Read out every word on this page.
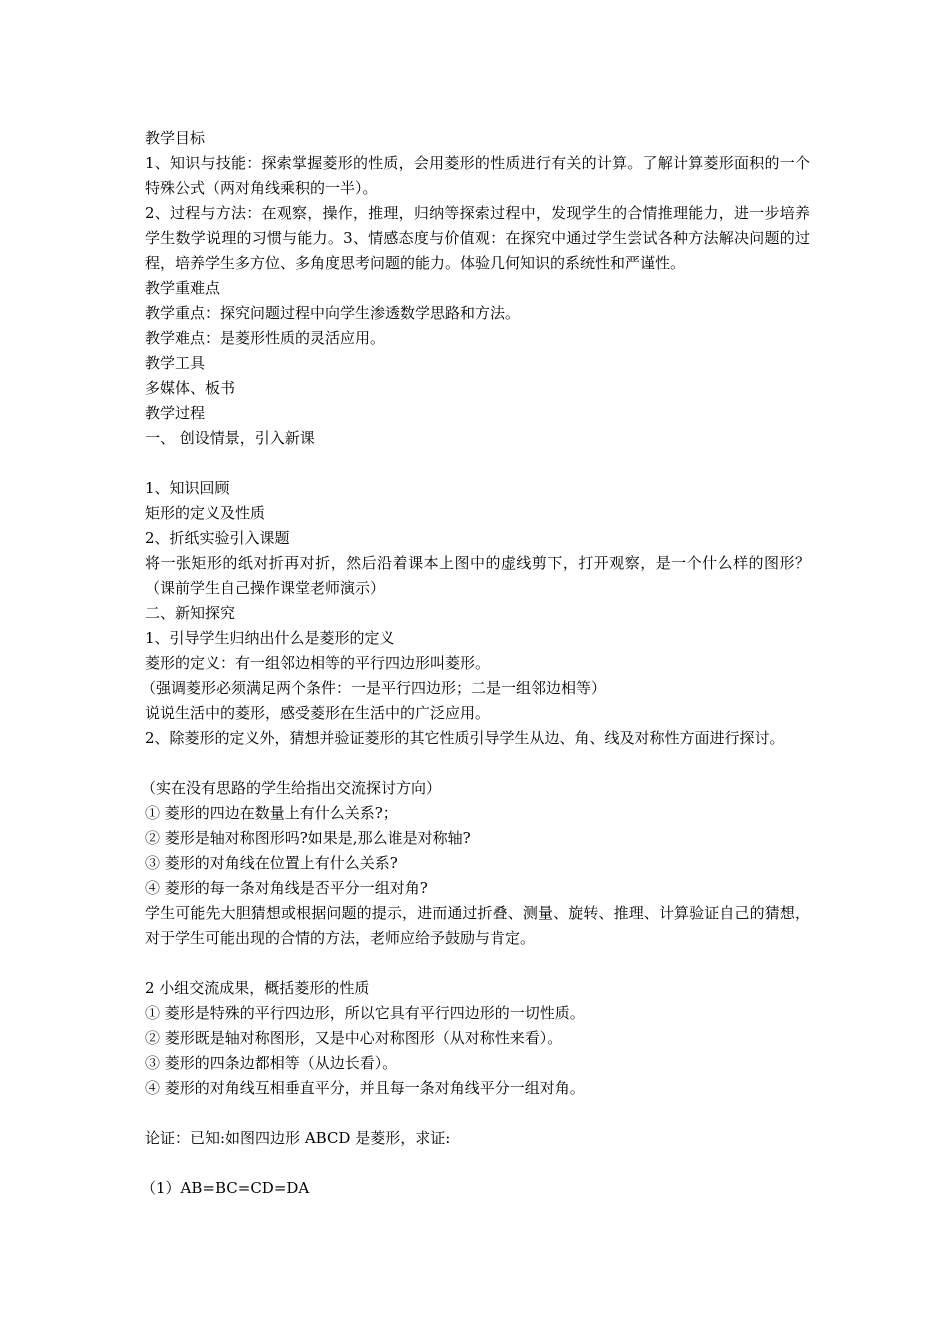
教学目标

1、知识与技能：探索掌握菱形的性质，会用菱形的性质进行有关的计算。了解计算菱形面积的一个特殊公式（两对角线乘积的一半）。

2、过程与方法：在观察，操作，推理，归纳等探索过程中，发现学生的合情推理能力，进一步培养学生数学说理的习惯与能力。3、情感态度与价值观：在探究中通过学生尝试各种方法解决问题的过程，培养学生多方位、多角度思考问题的能力。体验几何知识的系统性和严谨性。

教学重难点

教学重点：探究问题过程中向学生渗透数学思路和方法。

教学难点：是菱形性质的灵活应用。

教学工具

多媒体、板书

教学过程

一、 创设情景，引入新课

1、知识回顾

矩形的定义及性质

2、折纸实验引入课题

将一张矩形的纸对折再对折，然后沿着课本上图中的虚线剪下，打开观察，是一个什么样的图形？（课前学生自己操作课堂老师演示）

二、新知探究

1、引导学生归纳出什么是菱形的定义

菱形的定义：有一组邻边相等的平行四边形叫菱形。

（强调菱形必须满足两个条件：一是平行四边形；二是一组邻边相等）

说说生活中的菱形，感受菱形在生活中的广泛应用。

2、除菱形的定义外，猜想并验证菱形的其它性质引导学生从边、角、线及对称性方面进行探讨。

（实在没有思路的学生给指出交流探讨方向）

① 菱形的四边在数量上有什么关系?；

② 菱形是轴对称图形吗?如果是,那么谁是对称轴?

③ 菱形的对角线在位置上有什么关系?

④ 菱形的每一条对角线是否平分一组对角?

学生可能先大胆猜想或根据问题的提示，进而通过折叠、测量、旋转、推理、计算验证自己的猜想，对于学生可能出现的合情的方法，老师应给予鼓励与肯定。

2 小组交流成果，概括菱形的性质

① 菱形是特殊的平行四边形，所以它具有平行四边形的一切性质。

② 菱形既是轴对称图形，又是中心对称图形（从对称性来看）。

③ 菱形的四条边都相等（从边长看）。

④ 菱形的对角线互相垂直平分，并且每一条对角线平分一组对角。

论证：已知:如图四边形 ABCD 是菱形，求证:

（1）AB=BC=CD=DA
